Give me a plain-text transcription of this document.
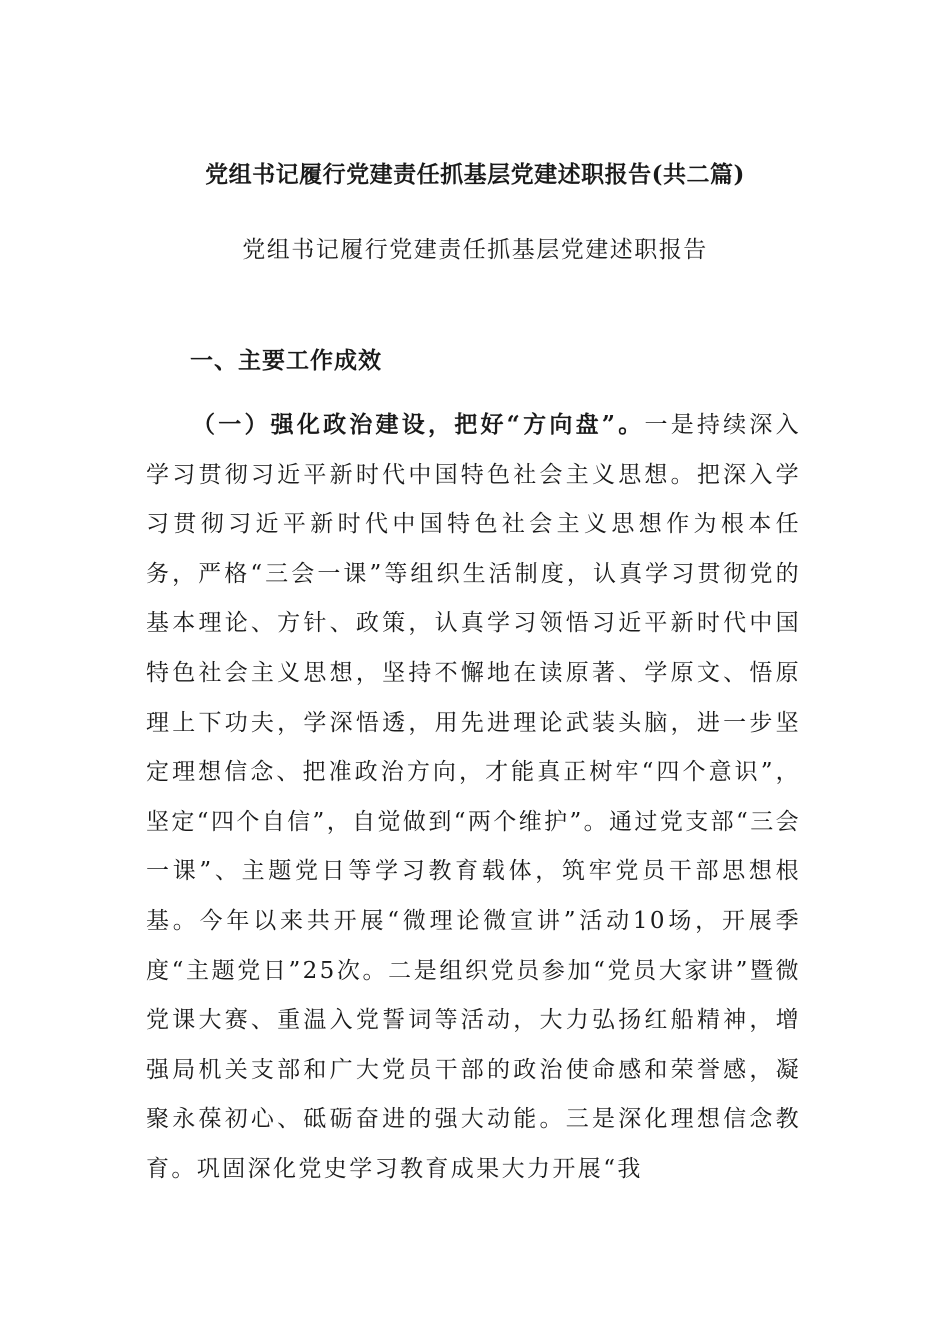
党组书记履行党建责任抓基层党建述职报告(共二篇)
党组书记履行党建责任抓基层党建述职报告
一、主要工作成效

（一）强化政治建设，把好“方向盘”。一是持续深入学习贯彻习近平新时代中国特色社会主义思想。把深入学习贯彻习近平新时代中国特色社会主义思想作为根本任务，严格“三会一课”等组织生活制度，认真学习贯彻党的基本理论、方针、政策，认真学习领悟习近平新时代中国特色社会主义思想，坚持不懈地在读原著、学原文、悟原理上下功夫，学深悟透，用先进理论武装头脑，进一步坚定理想信念、把准政治方向，才能真正树牢“四个意识”，坚定“四个自信”，自觉做到“两个维护”。通过党支部“三会一课”、主题党日等学习教育载体，筑牢党员干部思想根基。今年以来共开展“微理论微宣讲”活动10场，开展季度“主题党日”25次。二是组织党员参加“党员大家讲”暨微党课大赛、重温入党誓词等活动，大力弘扬红船精神，增强局机关支部和广大党员干部的政治使命感和荣誉感，凝聚永葆初心、砥砺奋进的强大动能。三是深化理想信念教育。巩固深化党史学习教育成果大力开展“我
